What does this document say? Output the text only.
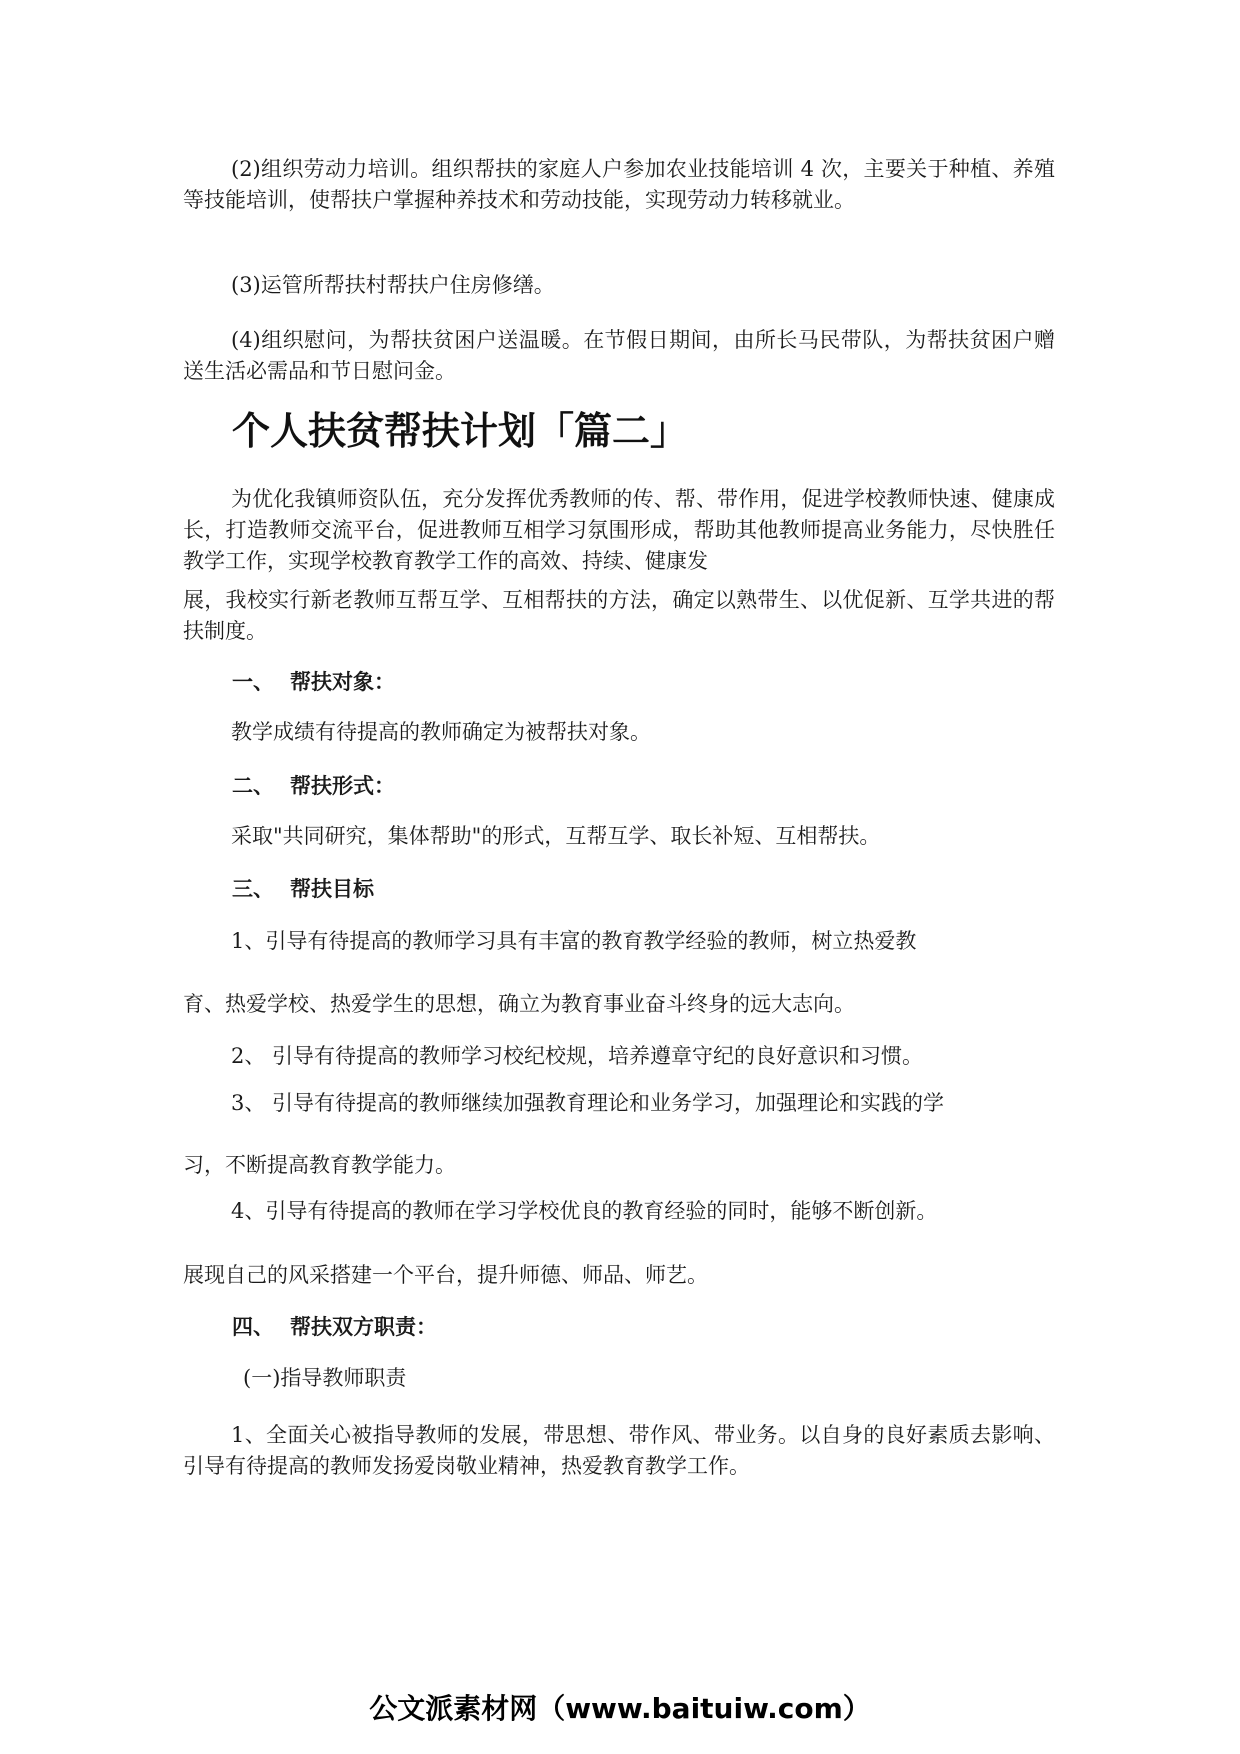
(2)组织劳动力培训。组织帮扶的家庭人户参加农业技能培训 4 次，主要关于种植、养殖等技能培训，使帮扶户掌握种养技术和劳动技能，实现劳动力转移就业。

(3)运管所帮扶村帮扶户住房修缮。

(4)组织慰问，为帮扶贫困户送温暖。在节假日期间，由所长马民带队，为帮扶贫困户赠送生活必需品和节日慰问金。

个人扶贫帮扶计划「篇二」

为优化我镇师资队伍，充分发挥优秀教师的传、帮、带作用，促进学校教师快速、健康成长，打造教师交流平台，促进教师互相学习氛围形成，帮助其他教师提高业务能力，尽快胜任教学工作，实现学校教育教学工作的高效、持续、健康发

展，我校实行新老教师互帮互学、互相帮扶的方法，确定以熟带生、以优促新、互学共进的帮扶制度。

一、 帮扶对象：

教学成绩有待提高的教师确定为被帮扶对象。

二、 帮扶形式：

采取"共同研究，集体帮助"的形式，互帮互学、取长补短、互相帮扶。

三、 帮扶目标

1、引导有待提高的教师学习具有丰富的教育教学经验的教师，树立热爱教

育、热爱学校、热爱学生的思想，确立为教育事业奋斗终身的远大志向。

2、 引导有待提高的教师学习校纪校规，培养遵章守纪的良好意识和习惯。

3、 引导有待提高的教师继续加强教育理论和业务学习，加强理论和实践的学

习，不断提高教育教学能力。

4、引导有待提高的教师在学习学校优良的教育经验的同时，能够不断创新。

展现自己的风采搭建一个平台，提升师德、师品、师艺。

四、 帮扶双方职责：

(一)指导教师职责

1、全面关心被指导教师的发展，带思想、带作风、带业务。以自身的良好素质去影响、引导有待提高的教师发扬爱岗敬业精神，热爱教育教学工作。

公文派素材网（www.baituiw.com）
